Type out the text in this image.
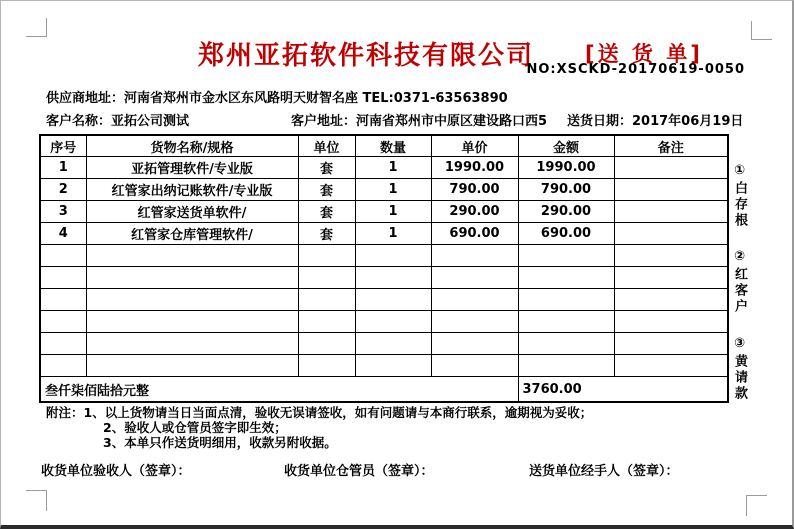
郑州亚拓软件科技有限公司	[送 货 单]
NO:XSCKD-20170619-0050
供应商地址：河南省郑州市金水区东风路明天财智名座 TEL:0371-63563890
客户名称：亚拓公司测试	客户地址：河南省郑州市中原区建设路口西5 送货日期：2017年06月19日
序号	货物名称/规格	单位	数量	单价	金额	备注
1	亚拓管理软件/专业版	套	1	1990.00	1990.00	
2	红管家出纳记账软件/专业版	套	1	790.00	790.00	
3	红管家送货单软件/	套	1	290.00	290.00	
4	红管家仓库管理软件/	套	1	690.00	690.00	

叁仟柒佰陆拾元整					3760.00	
①白存根
②红客户
③黄请款
附注：1、以上货物请当日当面点清，验收无误请签收，如有问题请与本商行联系，逾期视为妥收；
2、验收人或仓管员签字即生效；
3、本单只作送货明细用，收款另附收据。
收货单位验收人（签章）：	收货单位仓管员（签章）：	送货单位经手人（签章）：
